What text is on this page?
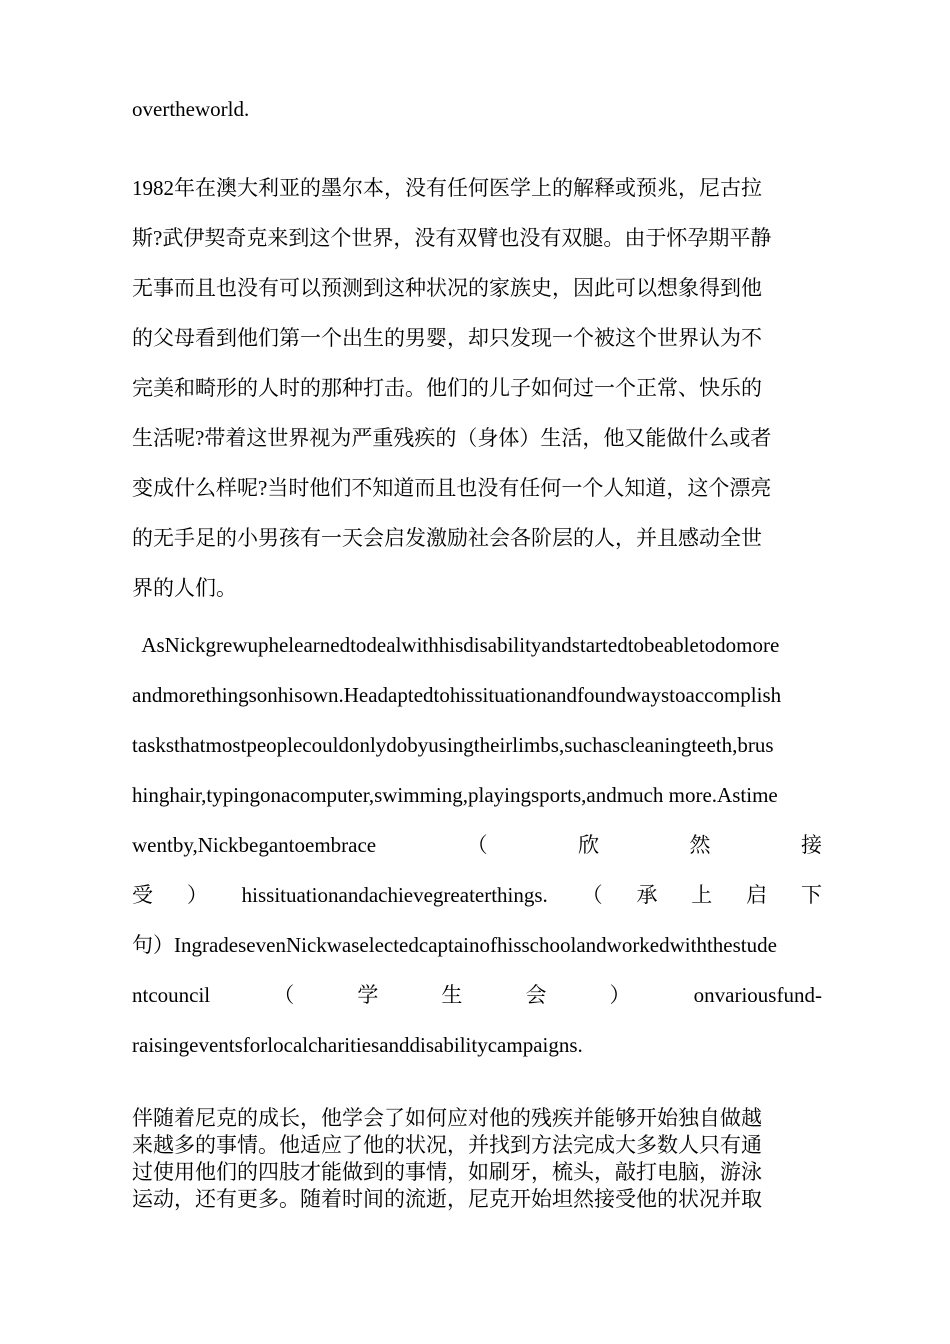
overtheworld.

1982年在澳大利亚的墨尔本，没有任何医学上的解释或预兆，尼古拉
斯?武伊契奇克来到这个世界，没有双臂也没有双腿。由于怀孕期平静
无事而且也没有可以预测到这种状况的家族史，因此可以想象得到他
的父母看到他们第一个出生的男婴，却只发现一个被这个世界认为不
完美和畸形的人时的那种打击。他们的儿子如何过一个正常、快乐的
生活呢?带着这世界视为严重残疾的（身体）生活，他又能做什么或者
变成什么样呢?当时他们不知道而且也没有任何一个人知道，这个漂亮
的无手足的小男孩有一天会启发激励社会各阶层的人，并且感动全世
界的人们。
AsNickgrewuphelearnedtodealwithhisdisabilityandstartedtobeabletodomore
andmorethingsonhisown.Headaptedtohissituationandfoundwaystoaccomplish
tasksthatmostpeoplecouldonlydobyusingtheirlimbs,suchascleaningteeth,brus
hinghair,typingonacomputer,swimming,playingsports,andmuch more.Astime
wentby,Nickbegantoembrace	（	欣	然	接
受 ） hissituationandachievegreaterthings. （ 承 上 启 下
句）IngradesevenNickwaselectedcaptainofhisschoolandworkedwiththestude
ntcouncil	（	学	生	会	）	onvariousfund-
raisingeventsforlocalcharitiesanddisabilitycampaigns.
伴随着尼克的成长，他学会了如何应对他的残疾并能够开始独自做越
来越多的事情。他适应了他的状况，并找到方法完成大多数人只有通
过使用他们的四肢才能做到的事情，如刷牙，梳头，敲打电脑，游泳
运动，还有更多。随着时间的流逝，尼克开始坦然接受他的状况并取
